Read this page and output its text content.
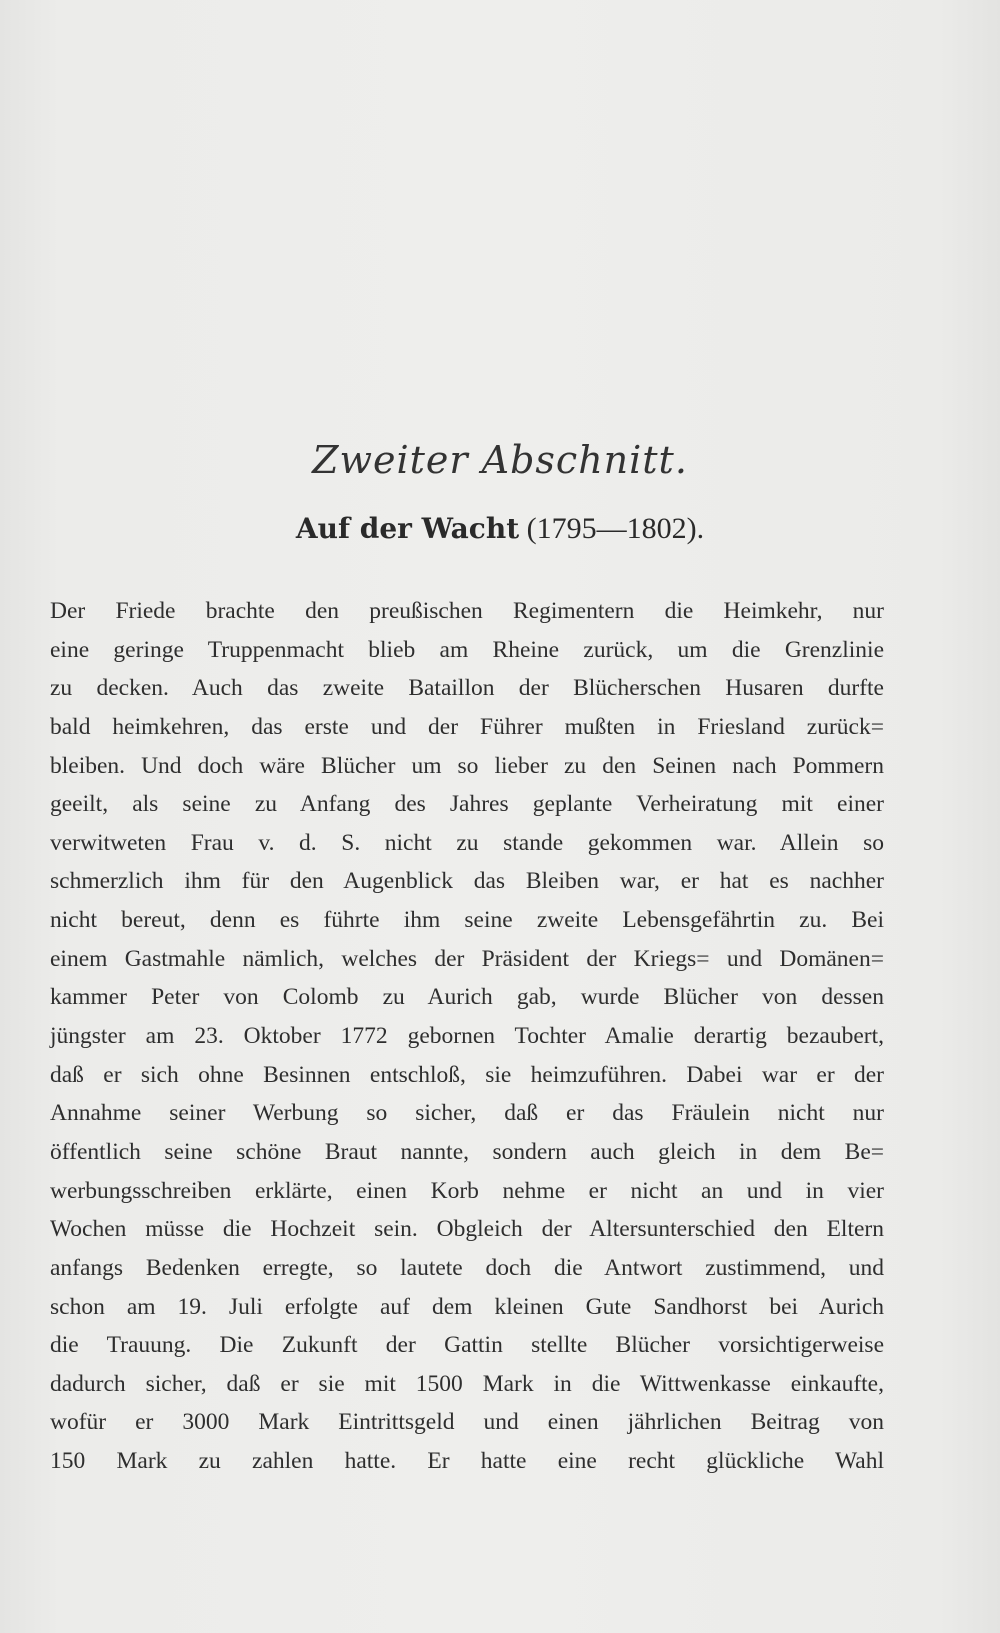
Zweiter Abschnitt.
Auf der Wacht (1795—1802).
Der Friede brachte den preußischen Regimentern die Heimkehr, nur
eine geringe Truppenmacht blieb am Rheine zurück, um die Grenzlinie
zu decken. Auch das zweite Bataillon der Blücherschen Husaren durfte
bald heimkehren, das erste und der Führer mußten in Friesland zurück=
bleiben. Und doch wäre Blücher um so lieber zu den Seinen nach Pommern
geeilt, als seine zu Anfang des Jahres geplante Verheiratung mit einer
verwitweten Frau v. d. S. nicht zu stande gekommen war. Allein so
schmerzlich ihm für den Augenblick das Bleiben war, er hat es nachher
nicht bereut, denn es führte ihm seine zweite Lebensgefährtin zu. Bei
einem Gastmahle nämlich, welches der Präsident der Kriegs= und Domänen=
kammer Peter von Colomb zu Aurich gab, wurde Blücher von dessen
jüngster am 23. Oktober 1772 gebornen Tochter Amalie derartig bezaubert,
daß er sich ohne Besinnen entschloß, sie heimzuführen. Dabei war er der
Annahme seiner Werbung so sicher, daß er das Fräulein nicht nur
öffentlich seine schöne Braut nannte, sondern auch gleich in dem Be=
werbungsschreiben erklärte, einen Korb nehme er nicht an und in vier
Wochen müsse die Hochzeit sein. Obgleich der Altersunterschied den Eltern
anfangs Bedenken erregte, so lautete doch die Antwort zustimmend, und
schon am 19. Juli erfolgte auf dem kleinen Gute Sandhorst bei Aurich
die Trauung. Die Zukunft der Gattin stellte Blücher vorsichtigerweise
dadurch sicher, daß er sie mit 1500 Mark in die Wittwenkasse einkaufte,
wofür er 3000 Mark Eintrittsgeld und einen jährlichen Beitrag von
150 Mark zu zahlen hatte. Er hatte eine recht glückliche Wahl
